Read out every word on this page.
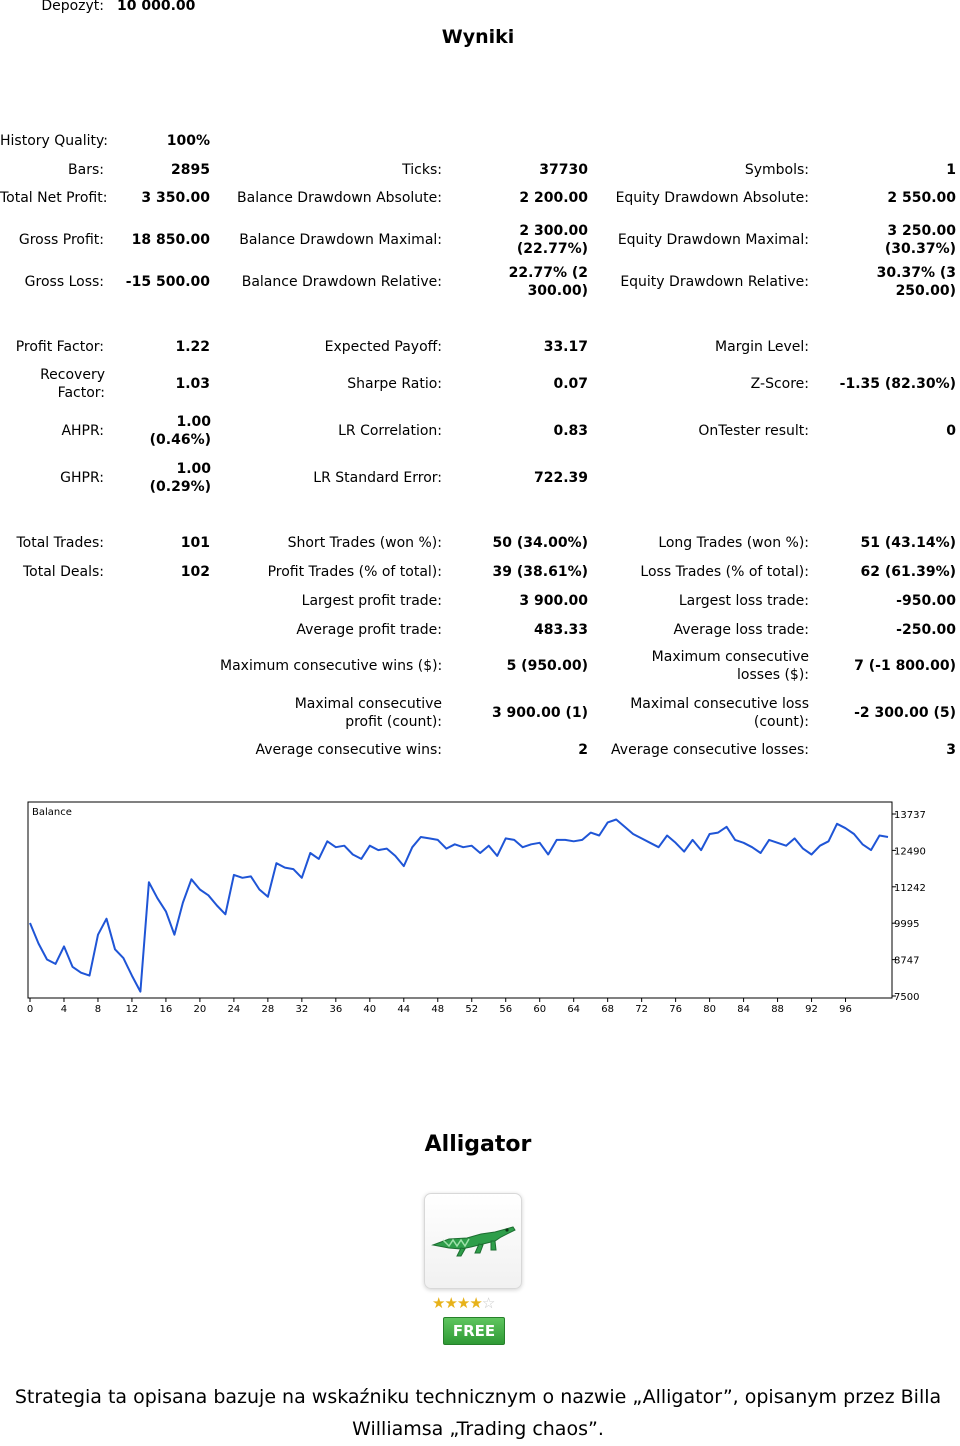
Depozyt: 10 000.00
Wyniki
History Quality:	100%
Bars:	2895	Ticks:	37730	Symbols:	1
Total Net Profit:	3 350.00	Balance Drawdown Absolute:	2 200.00	Equity Drawdown Absolute:	2 550.00
Gross Profit:	18 850.00	Balance Drawdown Maximal:
2 300.00 (22.77%)
Equity Drawdown Maximal:
3 250.00 (30.37%)
Gross Loss:	-15 500.00	Balance Drawdown Relative:
22.77% (2 300.00)
Equity Drawdown Relative:
30.37% (3 250.00)
Profit Factor:	1.22	Expected Payoff:	33.17	Margin Level:
Recovery Factor:
1.03	Sharpe Ratio:	0.07	Z-Score:	-1.35 (82.30%)
AHPR:
1.00 (0.46%)
LR Correlation:	0.83	OnTester result:	0
GHPR:
1.00 (0.29%)
LR Standard Error:	722.39
Total Trades:	101	Short Trades (won %):	50 (34.00%)	Long Trades (won %):	51 (43.14%)
Total Deals:	102	Profit Trades (% of total):	39 (38.61%)	Loss Trades (% of total):	62 (61.39%)
Largest profit trade:	3 900.00	Largest loss trade:	-950.00
Average profit trade:	483.33	Average loss trade:	-250.00
Maximum consecutive wins ($):	5 (950.00)
Maximum consecutive losses ($):
7 (-1 800.00)
Maximal consecutive profit (count):
3 900.00 (1)
Maximal consecutive loss (count):
-2 300.00 (5)
Average consecutive wins:	2	Average consecutive losses:	3
Balance	13737
12490
11242
9995
8747
7500
0	4	8 12 16 20 24 28 32 36 40 44 48 52 56 60 64 68 72 76 80 84 88 92 96
Alligator
★★★★☆
FREE
Strategia ta opisana bazuje na wskaźniku technicznym o nazwie „Alligator”, opisanym przez Billa
Williamsa „Trading chaos”.
